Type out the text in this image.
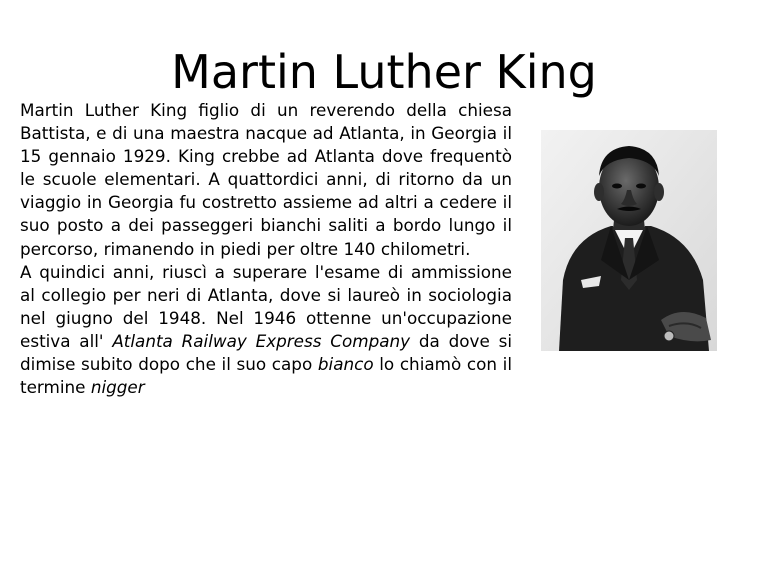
Martin Luther King

Martin Luther King figlio di un reverendo della chiesa Battista, e di una maestra nacque ad Atlanta, in Georgia il 15 gennaio 1929. King crebbe ad Atlanta dove frequentò le scuole elementari. A quattordici anni, di ritorno da un viaggio in Georgia fu costretto assieme ad altri a cedere il suo posto a dei passeggeri bianchi saliti a bordo lungo il percorso, rimanendo in piedi per oltre 140 chilometri.

A quindici anni, riuscì a superare l'esame di ammissione al collegio per neri di Atlanta, dove si laureò in sociologia nel giugno del 1948. Nel 1946 ottenne un'occupazione estiva all' Atlanta Railway Express Company da dove si dimise subito dopo che il suo capo bianco lo chiamò con il termine nigger
